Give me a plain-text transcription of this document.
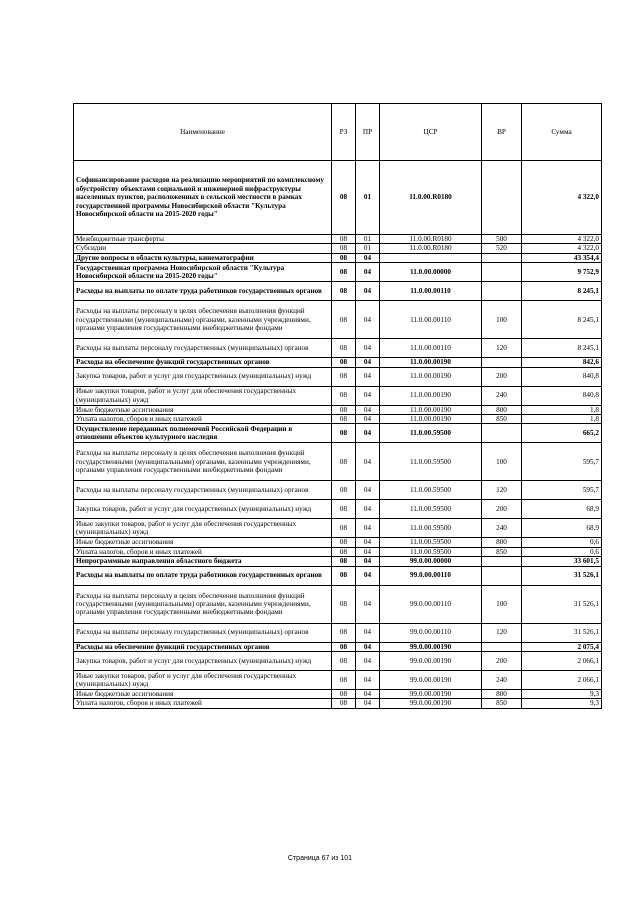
Наименование	РЗ	ПР	ЦСР	ВР	Сумма
Софинансирование расходов на реализацию мероприятий по комплексному обустройству объектами социальной и инженерной инфраструктуры населенных пунктов, расположенных в сельской местности в рамках государственной программы Новосибирской области "Культура Новосибирской области на 2015-2020 годы"	08	01	11.0.00.R0180		4 322,0
Межбюджетные трансферты	08	01	11.0.00.R0180	500	4 322,0
Субсидии	08	01	11.0.00.R0180	520	4 322,0
Другие вопросы в области культуры, кинематографии	08	04			43 354,4
Государственная программа Новосибирской области "Культура Новосибирской области на 2015-2020 годы"	08	04	11.0.00.00000		9 752,9
Расходы на выплаты по оплате труда работников государственных органов	08	04	11.0.00.00110		8 245,1
Расходы на выплаты персоналу в целях обеспечения выполнения функций государственными (муниципальными) органами, казенными учреждениями, органами управления государственными внебюджетными фондами	08	04	11.0.00.00110	100	8 245,1
Расходы на выплаты персоналу государственных (муниципальных) органов	08	04	11.0.00.00110	120	8 245,1
Расходы на обеспечение функций государственных органов	08	04	11.0.00.00190		842,6
Закупка товаров, работ и услуг для государственных (муниципальных) нужд	08	04	11.0.00.00190	200	840,8
Иные закупки товаров, работ и услуг для обеспечения государственных (муниципальных) нужд	08	04	11.0.00.00190	240	840,8
Иные бюджетные ассигнования	08	04	11.0.00.00190	800	1,8
Уплата налогов, сборов и иных платежей	08	04	11.0.00.00190	850	1,8
Осуществление переданных полномочий Российской Федерации в отношении объектов культурного наследия	08	04	11.0.00.59500		665,2
Расходы на выплаты персоналу в целях обеспечения выполнения функций государственными (муниципальными) органами, казенными учреждениями, органами управления государственными внебюджетными фондами	08	04	11.0.00.59500	100	595,7
Расходы на выплаты персоналу государственных (муниципальных) органов	08	04	11.0.00.59500	120	595,7
Закупка товаров, работ и услуг для государственных (муниципальных) нужд	08	04	11.0.00.59500	200	68,9
Иные закупки товаров, работ и услуг для обеспечения государственных (муниципальных) нужд	08	04	11.0.00.59500	240	68,9
Иные бюджетные ассигнования	08	04	11.0.00.59500	800	0,6
Уплата налогов, сборов и иных платежей	08	04	11.0.00.59500	850	0,6
Непрограммные направления областного бюджета	08	04	99.0.00.00000		33 601,5
Расходы на выплаты по оплате труда работников государственных органов	08	04	99.0.00.00110		31 526,1
Расходы на выплаты персоналу в целях обеспечения выполнения функций государственными (муниципальными) органами, казенными учреждениями, органами управления государственными внебюджетными фондами	08	04	99.0.00.00110	100	31 526,1
Расходы на выплаты персоналу государственных (муниципальных) органов	08	04	99.0.00.00110	120	31 526,1
Расходы на обеспечение функций государственных органов	08	04	99.0.00.00190		2 075,4
Закупка товаров, работ и услуг для государственных (муниципальных) нужд	08	04	99.0.00.00190	200	2 066,1
Иные закупки товаров, работ и услуг для обеспечения государственных (муниципальных) нужд	08	04	99.0.00.00190	240	2 066,1
Иные бюджетные ассигнования	08	04	99.0.00.00190	800	9,3
Уплата налогов, сборов и иных платежей	08	04	99.0.00.00190	850	9,3
Страница 67 из 101
